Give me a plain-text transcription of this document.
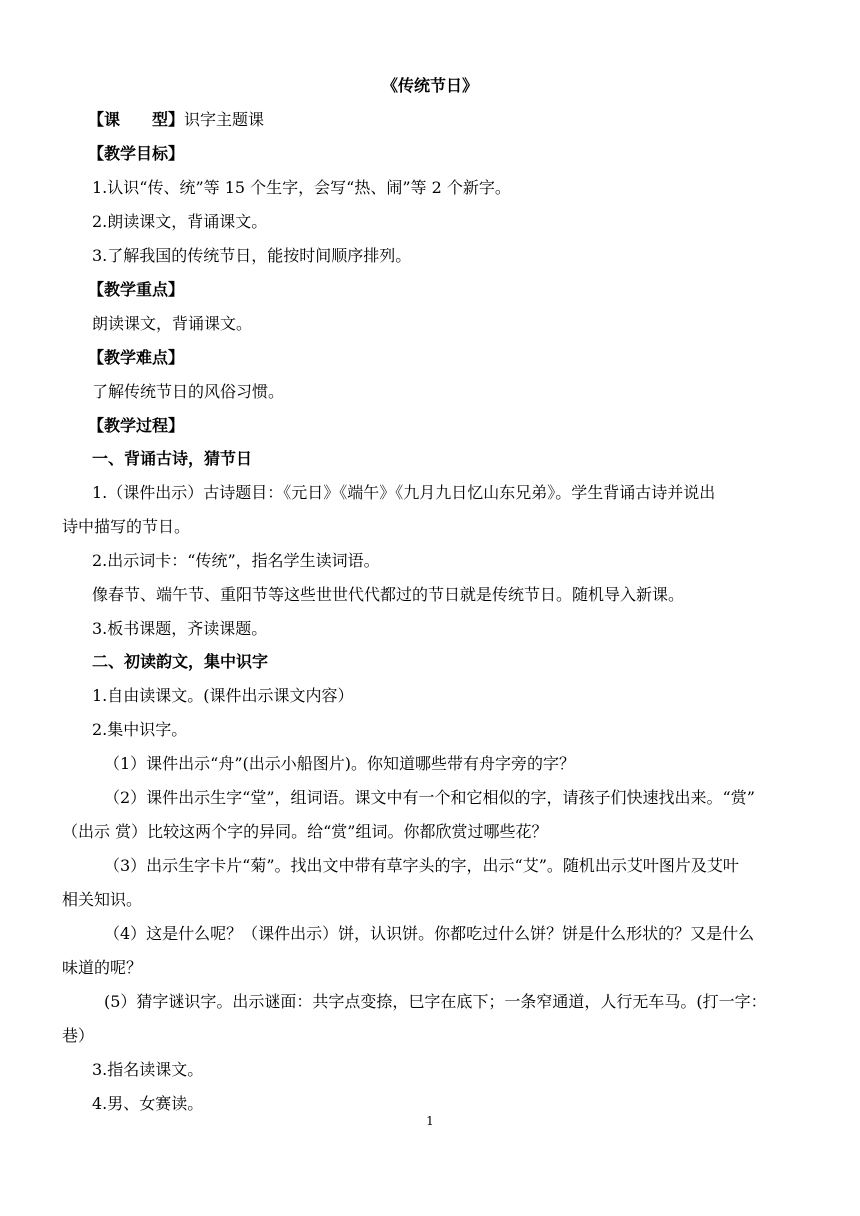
《传统节日》
【课　　型】识字主题课
【教学目标】
1.认识“传、统”等 15 个生字，会写“热、闹”等 2 个新字。
2.朗读课文，背诵课文。
3.了解我国的传统节日，能按时间顺序排列。
【教学重点】
朗读课文，背诵课文。
【教学难点】
了解传统节日的风俗习惯。
【教学过程】
一、背诵古诗，猜节日
1.（课件出示）古诗题目：《元日》《端午》《九月九日忆山东兄弟》。学生背诵古诗并说出
诗中描写的节日。
2.出示词卡：“传统”，指名学生读词语。
像春节、端午节、重阳节等这些世世代代都过的节日就是传统节日。随机导入新课。
3.板书课题，齐读课题。
二、初读韵文，集中识字
1.自由读课文。(课件出示课文内容）
2.集中识字。
（1）课件出示“舟”(出示小船图片)。你知道哪些带有舟字旁的字？
（2）课件出示生字“堂”，组词语。课文中有一个和它相似的字，请孩子们快速找出来。“赏”
（出示 赏）比较这两个字的异同。给“赏”组词。你都欣赏过哪些花？
（3）出示生字卡片“菊”。找出文中带有草字头的字，出示“艾”。随机出示艾叶图片及艾叶
相关知识。
（4）这是什么呢？（课件出示）饼，认识饼。你都吃过什么饼？饼是什么形状的？又是什么
味道的呢？
(5）猜字谜识字。出示谜面：共字点变捺，巳字在底下；一条窄通道，人行无车马。(打一字：
巷）
3.指名读课文。
4.男、女赛读。
1
